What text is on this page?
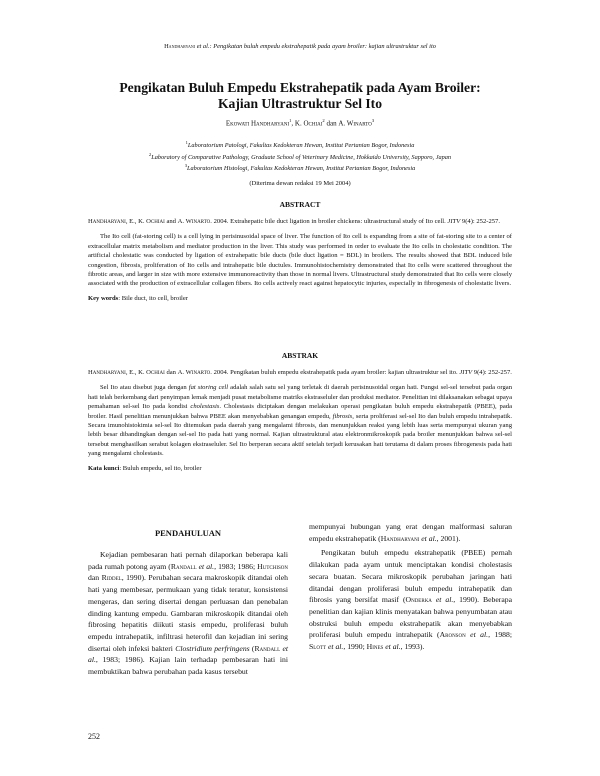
Handharyani et al.: Pengikatan buluh empedu ekstrahepatik pada ayam broiler: kajian ultrastruktur sel ito
Pengikatan Buluh Empedu Ekstrahepatik pada Ayam Broiler:
Kajian Ultrastruktur Sel Ito
Ekowati Handharyani$^1$, K. Ochiai$^2$ dan A. Winarto$^3$
$^1$Laboratorium Patologi, Fakultas Kedokteran Hewan, Institut Pertanian Bogor, Indonesia
$^2$Laboratory of Comparative Pathology, Graduate School of Veterinary Medicine, Hokkaido University, Sapporo, Japan
$^3$Laboratorium Histologi, Fakultas Kedokteran Hewan, Institut Pertanian Bogor, Indonesia
(Diterima dewan redaksi 19 Mei 2004)
ABSTRACT

Handharyani, E., K. Ochiai and A. Winarto. 2004. Extrahepatic bile duct ligation in broiler chickens: ultrastructural study of Ito cell. JITV 9(4): 252-257.

The Ito cell (fat-storing cell) is a cell lying in perisinusoidal space of liver. The function of Ito cell is expanding from a site of fat-storing site to a center of extracellular matrix metabolism and mediator production in the liver. This study was performed in order to evaluate the Ito cells in cholestatic condition. The artificial cholestatic was conducted by ligation of extrahepatic bile ducts (bile duct ligation = BDL) in broilers. The results showed that BDL induced bile congestion, fibrosis, proliferation of Ito cells and intrahepatic bile ductules. Immunohistochemistry demonstrated that Ito cells were scattered throughout the fibrotic areas, and larger in size with more extensive immunoreactivity than those in normal livers. Ultrastructural study demonstrated that Ito cells were closely associated with the production of extracellular collagen fibers. Ito cells actively react against hepatocytic injuries, especially in fibrogenesis of cholestatic livers.

Key words: Bile duct, ito cell, broiler

ABSTRAK

Handharyani, E., K. Ochiai dan A. Winarto. 2004. Pengikatan buluh empedu ekstrahepatik pada ayam broiler: kajian ultrastruktur sel ito. JITV 9(4): 252-257.

Sel Ito atau disebut juga dengan fat storing cell adalah salah satu sel yang terletak di daerah perisinusoidal organ hati. Fungsi sel-sel tersebut pada organ hati telah berkembang dari penyimpan lemak menjadi pusat metabolisme matriks ekstraseluler dan produksi mediator. Penelitian ini dilaksanakan sebagai upaya pemahaman sel-sel Ito pada kondisi cholestasis. Cholestasis diciptakan dengan melakukan operasi pengikatan buluh empedu ekstrahepatik (PBEE), pada broiler. Hasil penelitian menunjukkan bahwa PBEE akan menyebabkan genangan empedu, fibrosis, serta proliferasi sel-sel Ito dan buluh empedu intrahepatik. Secara imunohistokimia sel-sel Ito ditemukan pada daerah yang mengalami fibrosis, dan menunjukkan reaksi yang lebih luas serta mempunyai ukuran yang lebih besar dibandingkan dengan sel-sel Ito pada hati yang normal. Kajian ultrastruktural atau elektronmikroskopik pada broiler menunjukkan bahwa sel-sel tersebut menghasilkan serabut kolagen ekstraseluler. Sel Ito berperan secara aktif setelah terjadi kerusakan hati terutama di dalam proses fibrogenesis pada hati yang mengalami cholestasis.

Kata kunci: Buluh empedu, sel ito, broiler

PENDAHULUAN

Kejadian pembesaran hati pernah dilaporkan beberapa kali pada rumah potong ayam (Randall et al., 1983; 1986; Hutchison dan Riddel, 1990). Perubahan secara makroskopik ditandai oleh hati yang membesar, permukaan yang tidak teratur, konsistensi mengeras, dan sering disertai dengan perluasan dan penebalan dinding kantung empedu. Gambaran mikroskopik ditandai oleh fibrosing hepatitis diikuti stasis empedu, proliferasi buluh empedu intrahepatik, infiltrasi heterofil dan kejadian ini sering disertai oleh infeksi bakteri Clostridium perfringens (Randall et al., 1983; 1986). Kajian lain terhadap pembesaran hati ini membuktikan bahwa perubahan pada kasus tersebut

mempunyai hubungan yang erat dengan malformasi saluran empedu ekstrahepatik (Handharyani et al., 2001).

Pengikatan buluh empedu ekstrahepatik (PBEE) pernah dilakukan pada ayam untuk menciptakan kondisi cholestasis secara buatan. Secara mikroskopik perubahan jaringan hati ditandai dengan proliferasi buluh empedu intrahepatik dan fibrosis yang bersifat masif (Onderka et al., 1990). Beberapa penelitian dan kajian klinis menyatakan bahwa penyumbatan atau obstruksi buluh empedu ekstrahepatik akan menyebabkan proliferasi buluh empedu intrahepatik (Aronson et al., 1988; Slott et al., 1990; Hines et al., 1993).

252
